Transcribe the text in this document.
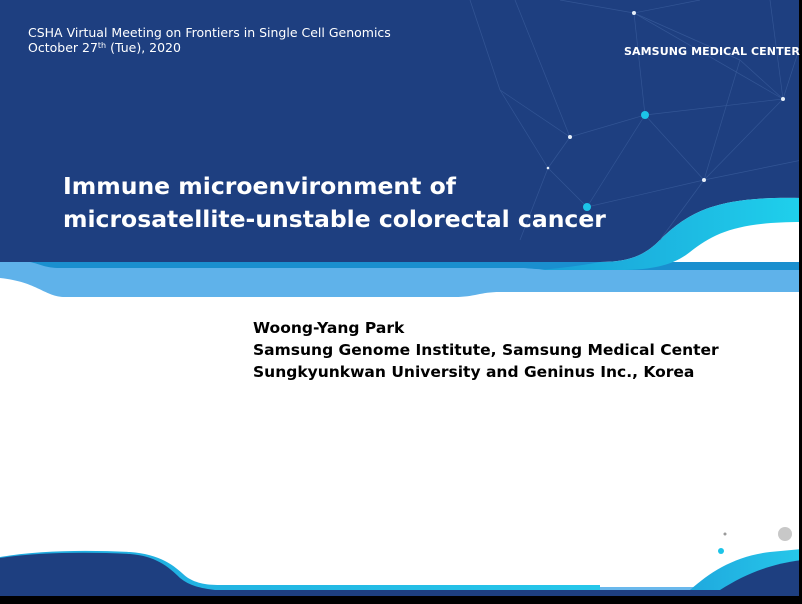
CSHA Virtual Meeting on Frontiers in Single Cell Genomics
October 27th (Tue), 2020	SAMSUNG MEDICAL CENTER
Immune microenvironment of
microsatellite-unstable colorectal cancer
Woong-Yang Park
Samsung Genome Institute, Samsung Medical Center
Sungkyunkwan University and Geninus Inc., Korea
